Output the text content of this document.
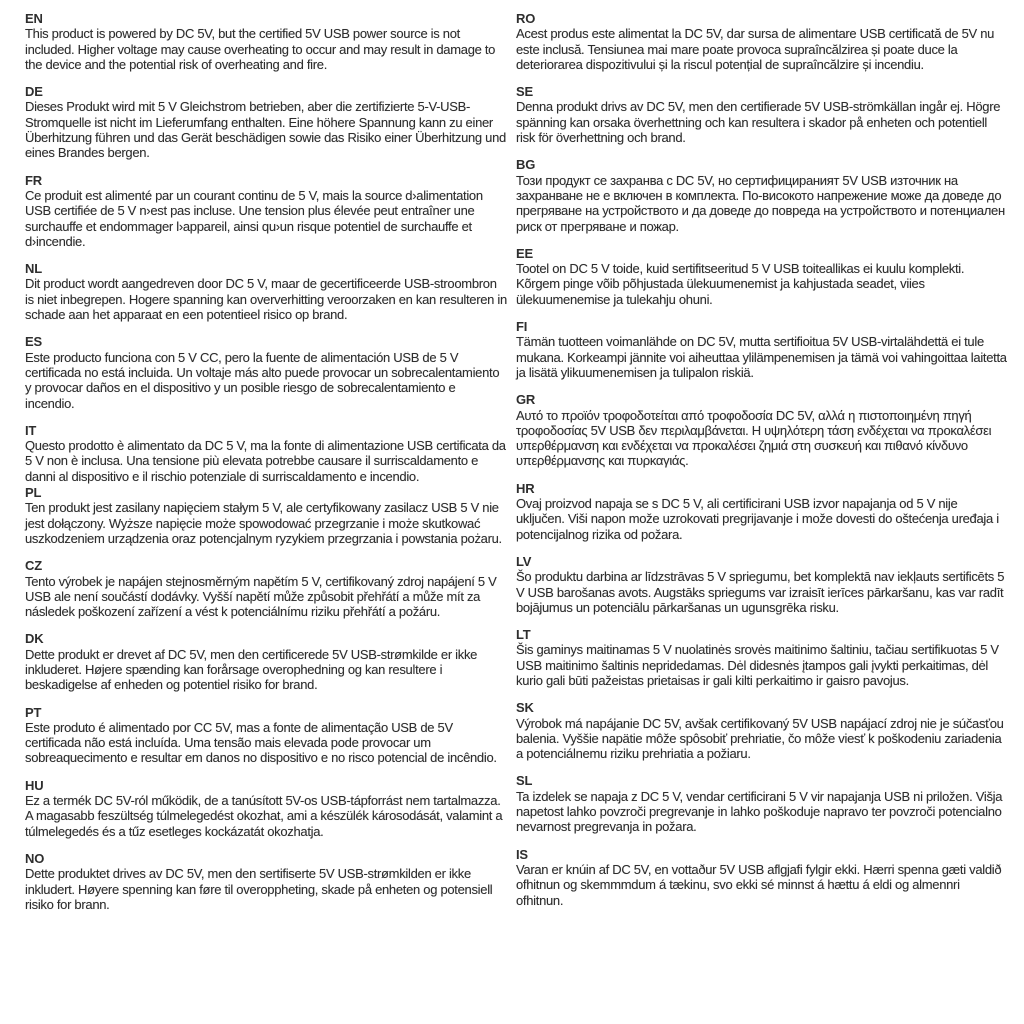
EN
This product is powered by DC 5V, but the certified 5V USB power source is not included. Higher voltage may cause overheating to occur and may result in damage to the device and the potential risk of overheating and fire.
DE
Dieses Produkt wird mit 5 V Gleichstrom betrieben, aber die zertifizierte 5-V-USB-Stromquelle ist nicht im Lieferumfang enthalten. Eine höhere Spannung kann zu einer Überhitzung führen und das Gerät beschädigen sowie das Risiko einer Überhitzung und eines Brandes bergen.
FR
Ce produit est alimenté par un courant continu de 5 V, mais la source d›alimentation USB certifiée de 5 V n›est pas incluse. Une tension plus élevée peut entraîner une surchauffe et endommager l›appareil, ainsi qu›un risque potentiel de surchauffe et d›incendie.
NL
Dit product wordt aangedreven door DC 5 V, maar de gecertificeerde USB-stroombron is niet inbegrepen. Hogere spanning kan oververhitting veroorzaken en kan resulteren in schade aan het apparaat en een potentieel risico op brand.
ES
Este producto funciona con 5 V CC, pero la fuente de alimentación USB de 5 V certificada no está incluida. Un voltaje más alto puede provocar un sobrecalentamiento y provocar daños en el dispositivo y un posible riesgo de sobrecalentamiento e incendio.
IT
Questo prodotto è alimentato da DC 5 V, ma la fonte di alimentazione USB certificata da 5 V non è inclusa. Una tensione più elevata potrebbe causare il surriscaldamento e danni al dispositivo e il rischio potenziale di surriscaldamento e incendio.
PL
Ten produkt jest zasilany napięciem stałym 5 V, ale certyfikowany zasilacz USB 5 V nie jest dołączony. Wyższe napięcie może spowodować przegrzanie i może skutkować uszkodzeniem urządzenia oraz potencjalnym ryzykiem przegrzania i powstania pożaru.
CZ
Tento výrobek je napájen stejnosměrným napětím 5 V, certifikovaný zdroj napájení 5 V USB ale není součástí dodávky. Vyšší napětí může způsobit přehřátí a může mít za následek poškození zařízení a vést k potenciálnímu riziku přehřátí a požáru.
DK
Dette produkt er drevet af DC 5V, men den certificerede 5V USB-strømkilde er ikke inkluderet. Højere spænding kan forårsage overophedning og kan resultere i beskadigelse af enheden og potentiel risiko for brand.
PT
Este produto é alimentado por CC 5V, mas a fonte de alimentação USB de 5V certificada não está incluída. Uma tensão mais elevada pode provocar um sobreaquecimento e resultar em danos no dispositivo e no risco potencial de incêndio.
HU
Ez a termék DC 5V-ról működik, de a tanúsított 5V-os USB-tápforrást nem tartalmazza. A magasabb feszültség túlmelegedést okozhat, ami a készülék károsodását, valamint a túlmelegedés és a tűz esetleges kockázatát okozhatja.
NO
Dette produktet drives av DC 5V, men den sertifiserte 5V USB-strømkilden er ikke inkludert. Høyere spenning kan føre til overoppheting, skade på enheten og potensiell risiko for brann.
RO
Acest produs este alimentat la DC 5V, dar sursa de alimentare USB certificată de 5V nu este inclusă. Tensiunea mai mare poate provoca supraîncălzirea și poate duce la deteriorarea dispozitivului și la riscul potențial de supraîncălzire și incendiu.
SE
Denna produkt drivs av DC 5V, men den certifierade 5V USB-strömkällan ingår ej. Högre spänning kan orsaka överhettning och kan resultera i skador på enheten och potentiell risk för överhettning och brand.
BG
Този продукт се захранва с DC 5V, но сертифицираният 5V USB източник на захранване не е включен в комплекта. По-високото напрежение може да доведе до прегряване на устройството и да доведе до повреда на устройството и потенциален риск от прегряване и пожар.
EE
Tootel on DC 5 V toide, kuid sertifitseeritud 5 V USB toiteallikas ei kuulu komplekti. Kõrgem pinge võib põhjustada ülekuumenemist ja kahjustada seadet, viies ülekuumenemise ja tulekahju ohuni.
FI
Tämän tuotteen voimanlähde on DC 5V, mutta sertifioitua 5V USB-virtalähdettä ei tule mukana. Korkeampi jännite voi aiheuttaa ylilämpenemisen ja tämä voi vahingoittaa laitetta ja lisätä ylikuumenemisen ja tulipalon riskiä.
GR
Αυτό το προϊόν τροφοδοτείται από τροφοδοσία DC 5V, αλλά η πιστοποιημένη πηγή τροφοδοσίας 5V USB δεν περιλαμβάνεται. Η υψηλότερη τάση ενδέχεται να προκαλέσει υπερθέρμανση και ενδέχεται να προκαλέσει ζημιά στη συσκευή και πιθανό κίνδυνο υπερθέρμανσης και πυρκαγιάς.
HR
Ovaj proizvod napaja se s DC 5 V, ali certificirani USB izvor napajanja od 5 V nije uključen. Viši napon može uzrokovati pregrijavanje i može dovesti do oštećenja uređaja i potencijalnog rizika od požara.
LV
Šo produktu darbina ar līdzstrāvas 5 V spriegumu, bet komplektā nav iekļauts sertificēts 5 V USB barošanas avots. Augstāks spriegums var izraisīt ierīces pārkaršanu, kas var radīt bojājumus un potenciālu pārkaršanas un ugunsgrēka risku.
LT
Šis gaminys maitinamas 5 V nuolatinės srovės maitinimo šaltiniu, tačiau sertifikuotas 5 V USB maitinimo šaltinis nepridedamas. Dėl didesnės įtampos gali įvykti perkaitimas, dėl kurio gali būti pažeistas prietaisas ir gali kilti perkaitimo ir gaisro pavojus.
SK
Výrobok má napájanie DC 5V, avšak certifikovaný 5V USB napájací zdroj nie je súčasťou balenia. Vyššie napätie môže spôsobiť prehriatie, čo môže viesť k poškodeniu zariadenia a potenciálnemu riziku prehriatia a požiaru.
SL
Ta izdelek se napaja z DC 5 V, vendar certificirani 5 V vir napajanja USB ni priložen. Višja napetost lahko povzroči pregrevanje in lahko poškoduje napravo ter povzroči potencialno nevarnost pregrevanja in požara.
IS
Varan er knúin af DC 5V, en vottaður 5V USB aflgjafi fylgir ekki. Hærri spenna gæti valdið ofhitnun og skemmmdum á tækinu, svo ekki sé minnst á hættu á eldi og almennri ofhitnun.
